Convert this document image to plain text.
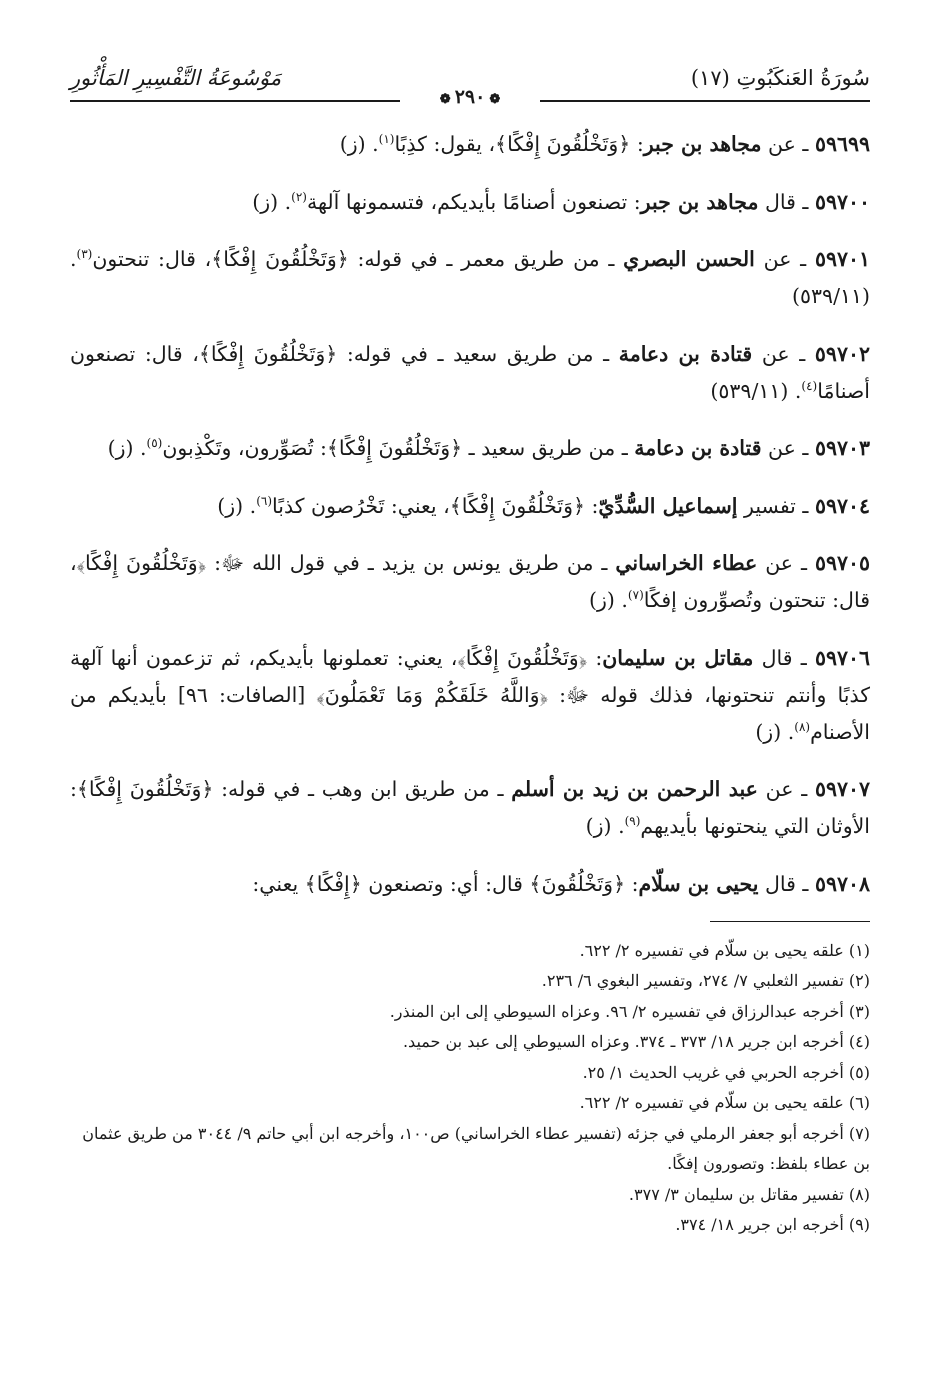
سُورَةُ العَنكَبُوتِ (١٧)
مَوْسُوعَةُ التَّفْسِيرِ المَأْثُورِ
❁٢٩٠❁

٥٩٦٩٩ ـ عن مجاهد بن جبر: ﴿وَتَخْلُقُونَ إِفْكًا﴾، يقول: كذِبًا$^{(١)}$. (ز)

٥٩٧٠٠ ـ قال مجاهد بن جبر: تصنعون أصنامًا بأيديكم، فتسمونها آلهة$^{(٢)}$. (ز)

٥٩٧٠١ ـ عن الحسن البصري ـ من طريق معمر ـ في قوله: ﴿وَتَخْلُقُونَ إِفْكًا﴾، قال: تنحتون$^{(٣)}$. (٥٣٩/١١)

٥٩٧٠٢ ـ عن قتادة بن دعامة ـ من طريق سعيد ـ في قوله: ﴿وَتَخْلُقُونَ إِفْكًا﴾، قال: تصنعون أصنامًا$^{(٤)}$. (٥٣٩/١١)

٥٩٧٠٣ ـ عن قتادة بن دعامة ـ من طريق سعيد ـ ﴿وَتَخْلُقُونَ إِفْكًا﴾: تُصَوِّرون، وتَكْذِبون$^{(٥)}$. (ز)

٥٩٧٠٤ ـ تفسير إسماعيل السُّدِّيّ: ﴿وَتَخْلُقُونَ إِفْكًا﴾، يعني: تَخْرُصون كذبًا$^{(٦)}$. (ز)

٥٩٧٠٥ ـ عن عطاء الخراساني ـ من طريق يونس بن يزيد ـ في قول الله ﷻ: ﴿وَتَخْلُقُونَ إِفْكًا﴾، قال: تنحتون وتُصوِّرون إفكًا$^{(٧)}$. (ز)

٥٩٧٠٦ ـ قال مقاتل بن سليمان: ﴿وَتَخْلُقُونَ إِفْكًا﴾، يعني: تعملونها بأيديكم، ثم تزعمون أنها آلهة كذبًا وأنتم تنحتونها، فذلك قوله ﷻ: ﴿وَاللَّهُ خَلَقَكُمْ وَمَا تَعْمَلُونَ﴾ [الصافات: ٩٦] بأيديكم من الأصنام$^{(٨)}$. (ز)

٥٩٧٠٧ ـ عن عبد الرحمن بن زيد بن أسلم ـ من طريق ابن وهب ـ في قوله: ﴿وَتَخْلُقُونَ إِفْكًا﴾: الأوثان التي ينحتونها بأيديهم$^{(٩)}$. (ز)

٥٩٧٠٨ ـ قال يحيى بن سلّام: ﴿وَتَخْلُقُونَ﴾ قال: أي: وتصنعون ﴿إِفْكًا﴾ يعني:

(١) علقه يحيى بن سلّام في تفسيره ٢/ ٦٢٢.

(٢) تفسير الثعلبي ٧/ ٢٧٤، وتفسير البغوي ٦/ ٢٣٦.

(٣) أخرجه عبدالرزاق في تفسيره ٢/ ٩٦. وعزاه السيوطي إلى ابن المنذر.

(٤) أخرجه ابن جرير ١٨/ ٣٧٣ ـ ٣٧٤. وعزاه السيوطي إلى عبد بن حميد.

(٥) أخرجه الحربي في غريب الحديث ١/ ٢٥.

(٦) علقه يحيى بن سلّام في تفسيره ٢/ ٦٢٢.

(٧) أخرجه أبو جعفر الرملي في جزئه (تفسير عطاء الخراساني) ص١٠٠، وأخرجه ابن أبي حاتم ٩/ ٣٠٤٤ من طريق عثمان بن عطاء بلفظ: وتصورون إفكًا.

(٨) تفسير مقاتل بن سليمان ٣/ ٣٧٧.

(٩) أخرجه ابن جرير ١٨/ ٣٧٤.
